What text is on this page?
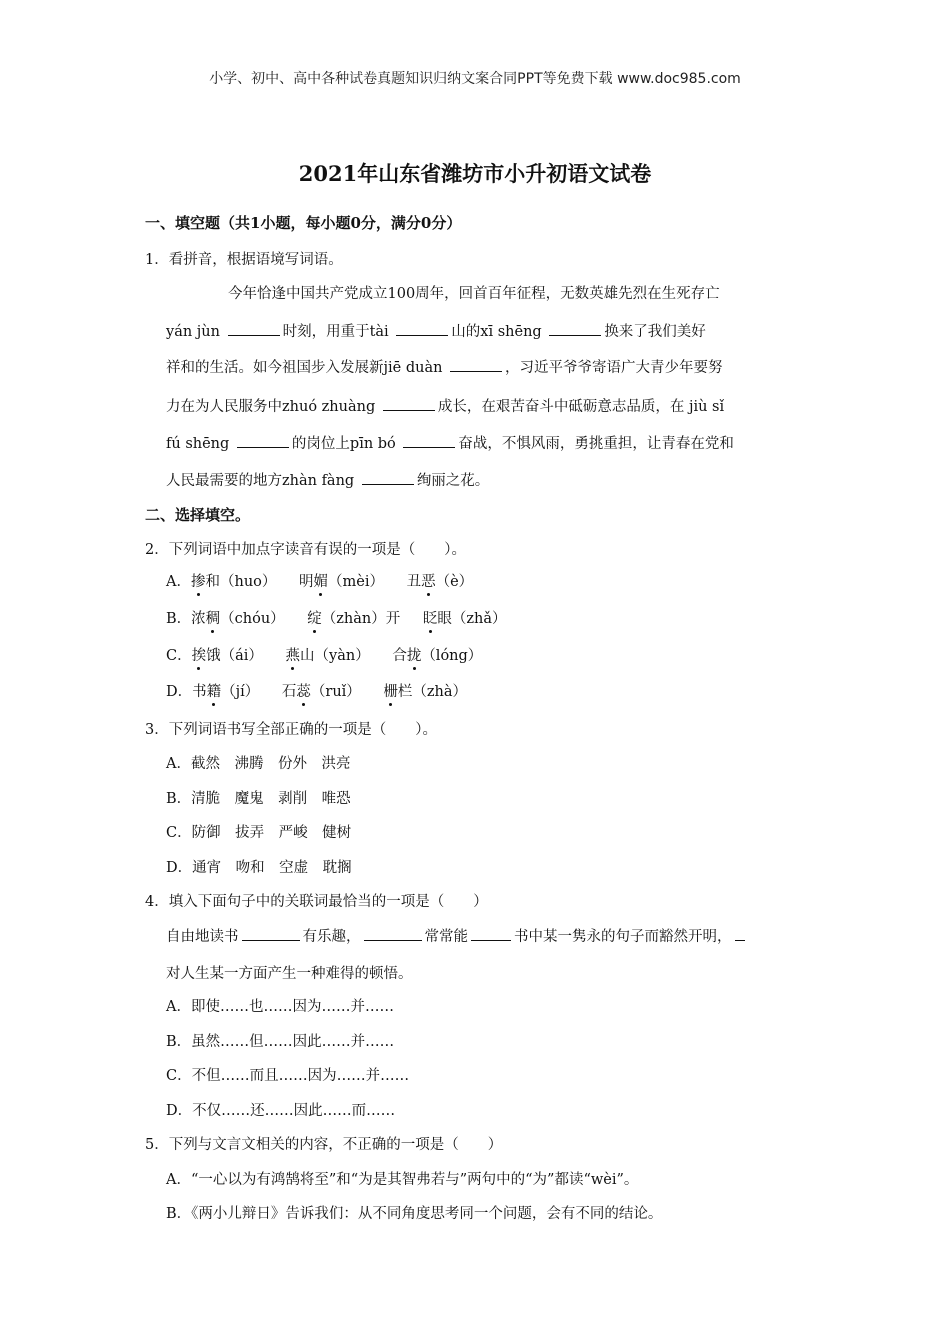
小学、初中、高中各种试卷真题知识归纳文案合同PPT等免费下载 www.doc985.com
2021年山东省潍坊市小升初语文试卷
一、填空题（共1小题，每小题0分，满分0分）
1．看拼音，根据语境写词语。
今年恰逢中国共产党成立100周年，回首百年征程，无数英雄先烈在生死存亡
yán jùn	时刻，用重于tài	山的xī shēng	换来了我们美好
祥和的生活。如今祖国步入发展新jiē duàn	，习近平爷爷寄语广大青少年要努
力在为人民服务中zhuó zhuàng	成长，在艰苦奋斗中砥砺意志品质，在 jiù sǐ
fú shēng	的岗位上pīn bó	奋战，不惧风雨，勇挑重担，让青春在党和
人民最需要的地方zhàn fàng	绚丽之花。
二、选择填空。
2．下列词语中加点字读音有误的一项是（　　）。
A．掺和（huo） 明媚（mèi） 丑恶（è）
B．浓稠（chóu） 绽（zhàn）开 眨眼（zhǎ）
C．挨饿（ái） 燕山（yàn） 合拢（lóng）
D．书籍（jí） 石蕊（ruǐ） 栅栏（zhà）
3．下列词语书写全部正确的一项是（　　）。
A．截然　沸腾　份外　洪亮
B．清脆　魔鬼　剥削　唯恐
C．防御　拔弄　严峻　健树
D．通宵　吻和　空虚　耽搁
4．填入下面句子中的关联词最恰当的一项是（　　）
自由地读书	有乐趣，	常常能	书中某一隽永的句子而豁然开明，
对人生某一方面产生一种难得的顿悟。
A．即使……也……因为……并……
B．虽然……但……因此……并……
C．不但……而且……因为……并……
D．不仅……还……因此……而……
5．下列与文言文相关的内容，不正确的一项是（　　）
A．“一心以为有鸿鹄将至”和“为是其智弗若与”两句中的“为”都读“wèi”。
B．《两小儿辩日》告诉我们：从不同角度思考同一个问题，会有不同的结论。
